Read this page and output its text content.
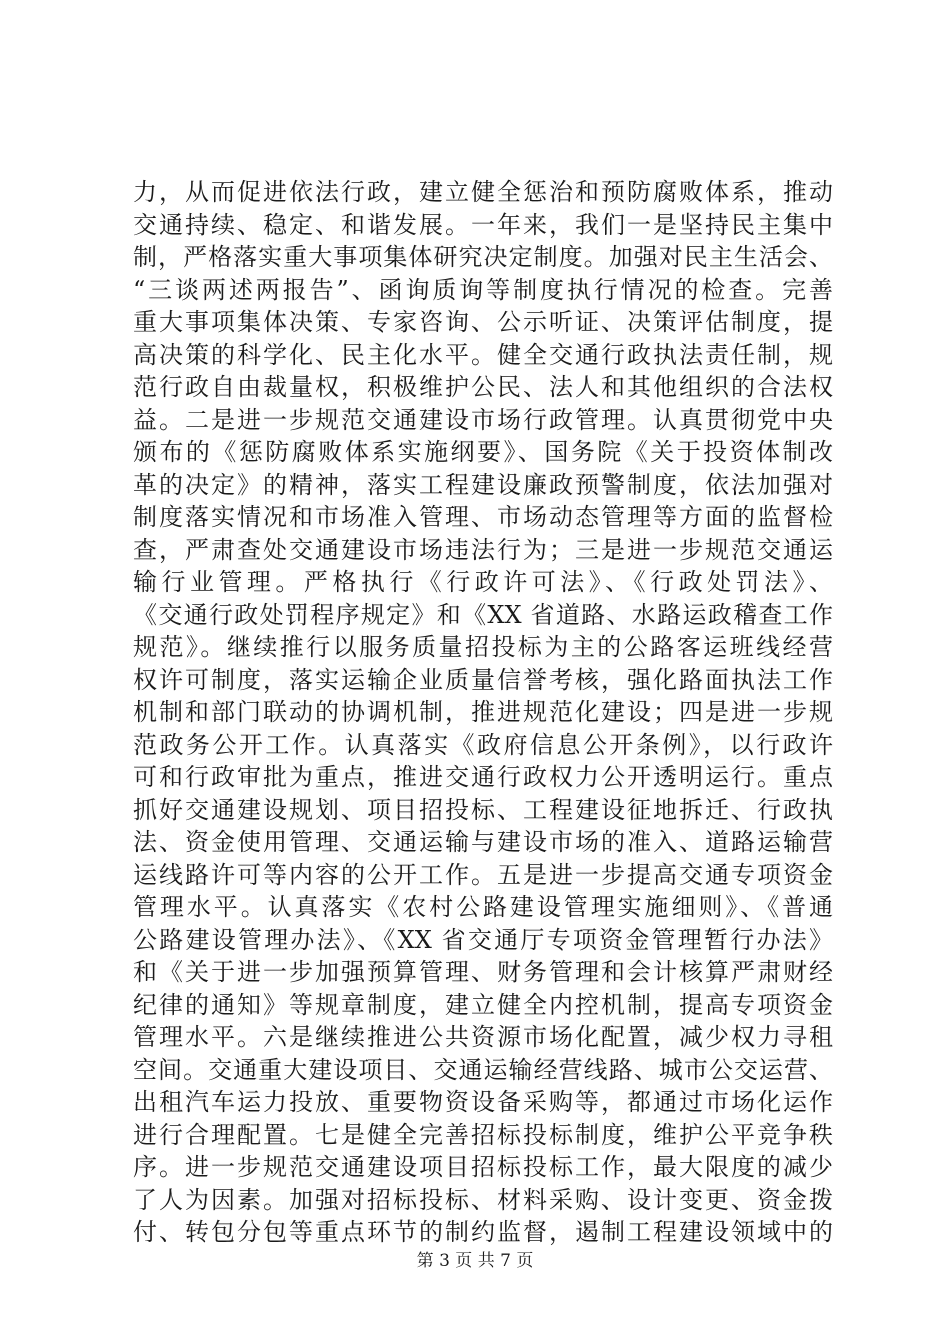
力，从而促进依法行政，建立健全惩治和预防腐败体系，推动
交通持续、稳定、和谐发展。一年来，我们一是坚持民主集中
制，严格落实重大事项集体研究决定制度。加强对民主生活会、
“三谈两述两报告”、函询质询等制度执行情况的检查。完善
重大事项集体决策、专家咨询、公示听证、决策评估制度，提
高决策的科学化、民主化水平。健全交通行政执法责任制，规
范行政自由裁量权，积极维护公民、法人和其他组织的合法权
益。二是进一步规范交通建设市场行政管理。认真贯彻党中央
颁布的《惩防腐败体系实施纲要》、国务院《关于投资体制改
革的决定》的精神，落实工程建设廉政预警制度，依法加强对
制度落实情况和市场准入管理、市场动态管理等方面的监督检
查，严肃查处交通建设市场违法行为；三是进一步规范交通运
输行业管理。严格执行《行政许可法》、《行政处罚法》、
《交通行政处罚程序规定》和《XX 省道路、水路运政稽查工作
规范》。继续推行以服务质量招投标为主的公路客运班线经营
权许可制度，落实运输企业质量信誉考核，强化路面执法工作
机制和部门联动的协调机制，推进规范化建设；四是进一步规
范政务公开工作。认真落实《政府信息公开条例》，以行政许
可和行政审批为重点，推进交通行政权力公开透明运行。重点
抓好交通建设规划、项目招投标、工程建设征地拆迁、行政执
法、资金使用管理、交通运输与建设市场的准入、道路运输营
运线路许可等内容的公开工作。五是进一步提高交通专项资金
管理水平。认真落实《农村公路建设管理实施细则》、《普通
公路建设管理办法》、《XX 省交通厅专项资金管理暂行办法》
和《关于进一步加强预算管理、财务管理和会计核算严肃财经
纪律的通知》等规章制度，建立健全内控机制，提高专项资金
管理水平。六是继续推进公共资源市场化配置，减少权力寻租
空间。交通重大建设项目、交通运输经营线路、城市公交运营、
出租汽车运力投放、重要物资设备采购等，都通过市场化运作
进行合理配置。七是健全完善招标投标制度，维护公平竞争秩
序。进一步规范交通建设项目招标投标工作，最大限度的减少
了人为因素。加强对招标投标、材料采购、设计变更、资金拨
付、转包分包等重点环节的制约监督，遏制工程建设领域中的
第 3 页 共 7 页
